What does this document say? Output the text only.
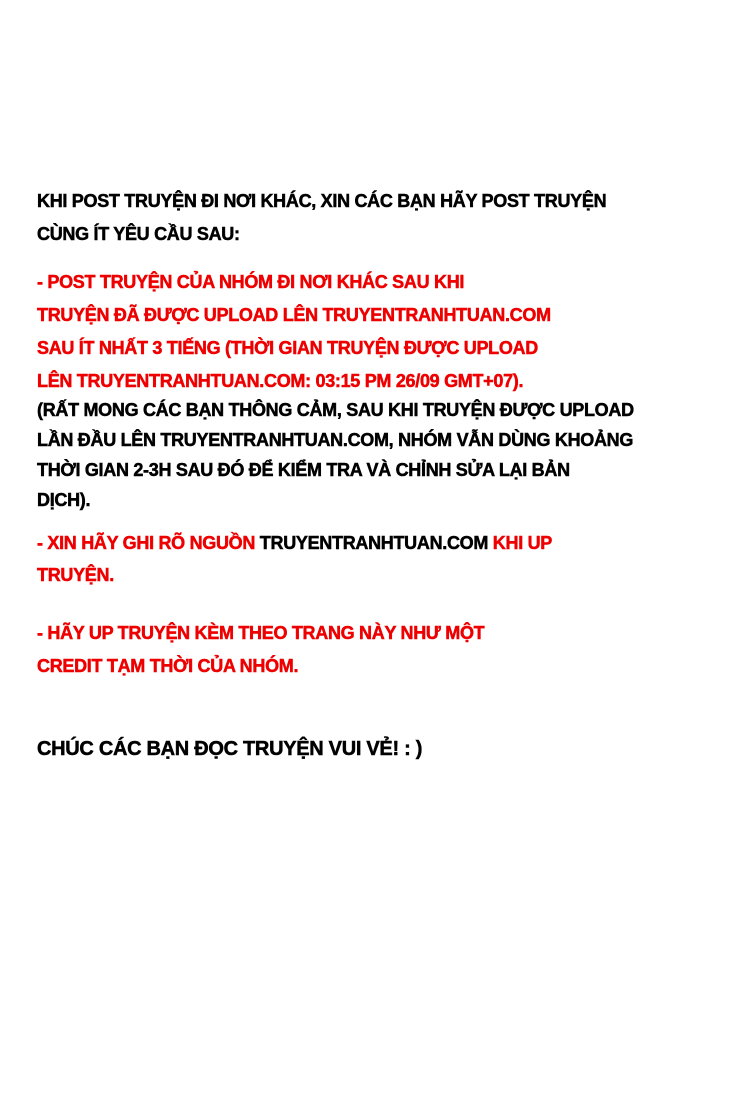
KHI POST TRUYỆN ĐI NƠI KHÁC, XIN CÁC BẠN HÃY POST TRUYỆN
CÙNG ÍT YÊU CẦU SAU:
- POST TRUYỆN CỦA NHÓM ĐI NƠI KHÁC SAU KHI
TRUYỆN ĐÃ ĐƯỢC UPLOAD LÊN TRUYENTRANHTUAN.COM
SAU ÍT NHẤT 3 TIẾNG (THỜI GIAN TRUYỆN ĐƯỢC UPLOAD
LÊN TRUYENTRANHTUAN.COM: 03:15 PM 26/09 GMT+07).
(RẤT MONG CÁC BẠN THÔNG CẢM, SAU KHI TRUYỆN ĐƯỢC UPLOAD
LẦN ĐẦU LÊN TRUYENTRANHTUAN.COM, NHÓM VẪN DÙNG KHOẢNG
THỜI GIAN 2-3H SAU ĐÓ ĐỂ KIỂM TRA VÀ CHỈNH SỬA LẠI BẢN
DỊCH).
- XIN HÃY GHI RÕ NGUỒN TRUYENTRANHTUAN.COM KHI UP
TRUYỆN.
- HÃY UP TRUYỆN KÈM THEO TRANG NÀY NHƯ MỘT
CREDIT TẠM THỜI CỦA NHÓM.
CHÚC CÁC BẠN ĐỌC TRUYỆN VUI VẺ! : )
